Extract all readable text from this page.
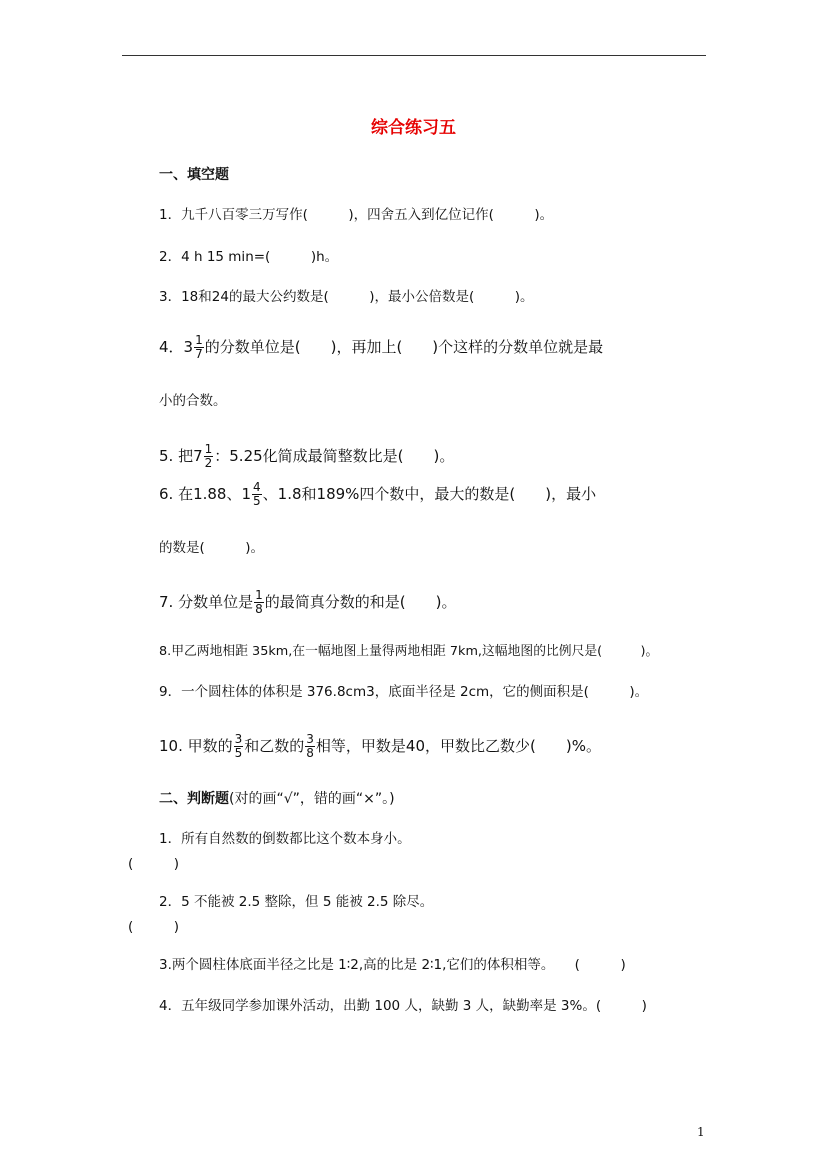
综合练习五
一、填空题
1．九千八百零三万写作(　　　)，四舍五入到亿位记作(　　　)。
2．4 h 15 min=(　　　)h。
3．18和24的最大公约数是(　　　)，最小公倍数是(　　　)。
4．$3 \frac{1}{7}$ 的分数单位是(　　)，再加上(　　)个这样的分数单位就是最
小的合数。
5. 把$7 \frac{1}{2}$ ：5.25化简成最简整数比是(　　)。
6. 在1.88、$1 \frac{4}{5}$ 、1.8和189%四个数中，最大的数是(　　)，最小
的数是(　　　)。
7. 分数单位是 $\frac{1}{8}$ 的最简真分数的和是(　　)。
8.甲乙两地相距 35km,在一幅地图上量得两地相距 7km,这幅地图的比例尺是(　　　)。
9．一个圆柱体的体积是 376.8cm3，底面半径是 2cm，它的侧面积是(　　　)。
10. 甲数的 $\frac{3}{5}$ 和乙数的 $\frac{3}{8}$ 相等，甲数是40，甲数比乙数少(　　)%。
二、判断题(对的画“√”，错的画“×”。)
1．所有自然数的倒数都比这个数本身小。
(　　　)
2．5 不能被 2.5 整除，但 5 能被 2.5 除尽。
(　　　)
3.两个圆柱体底面半径之比是 1∶2,高的比是 2∶1,它们的体积相等。　　(　　　)
4．五年级同学参加课外活动，出勤 100 人，缺勤 3 人，缺勤率是 3%。(　　　)
1
